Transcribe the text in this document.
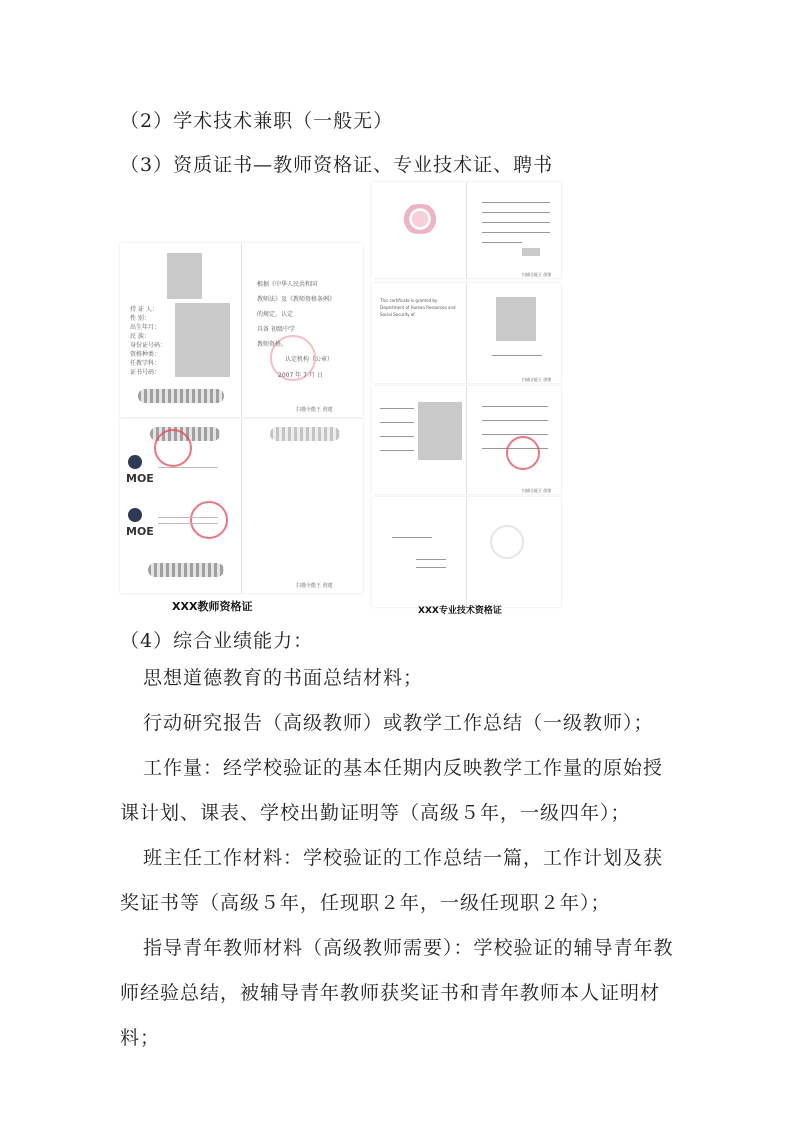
（2）学术技术兼职（一般无）
（3）资质证书—教师资格证、专业技术证、聘书
持 证 人：
性 别：
出生年月：
民 族：
身份证号码：
资格种类：
任教学科：
证书号码：
根据《中华人民共和国
教师法》及《教师资格条例》
的规定，认定
具备 初级中学
教师资格。
认定机构（公章）
2007 年 7 月 日
扫描全能王 创建
MOE
MOE
扫描全能王 创建
XXX教师资格证
扫描全能王 创建
This certificate is granted by Department of Human Resources and Social Security of
扫描全能王 创建
扫描全能王 创建
XXX专业技术资格证
（4）综合业绩能力：
思想道德教育的书面总结材料；
行动研究报告（高级教师）或教学工作总结（一级教师）；
工作量：经学校验证的基本任期内反映教学工作量的原始授课计划、课表、学校出勤证明等（高级５年，一级四年）；
班主任工作材料：学校验证的工作总结一篇，工作计划及获奖证书等（高级５年，任现职２年，一级任现职２年）；
指导青年教师材料（高级教师需要）：学校验证的辅导青年教师经验总结，被辅导青年教师获奖证书和青年教师本人证明材料；
